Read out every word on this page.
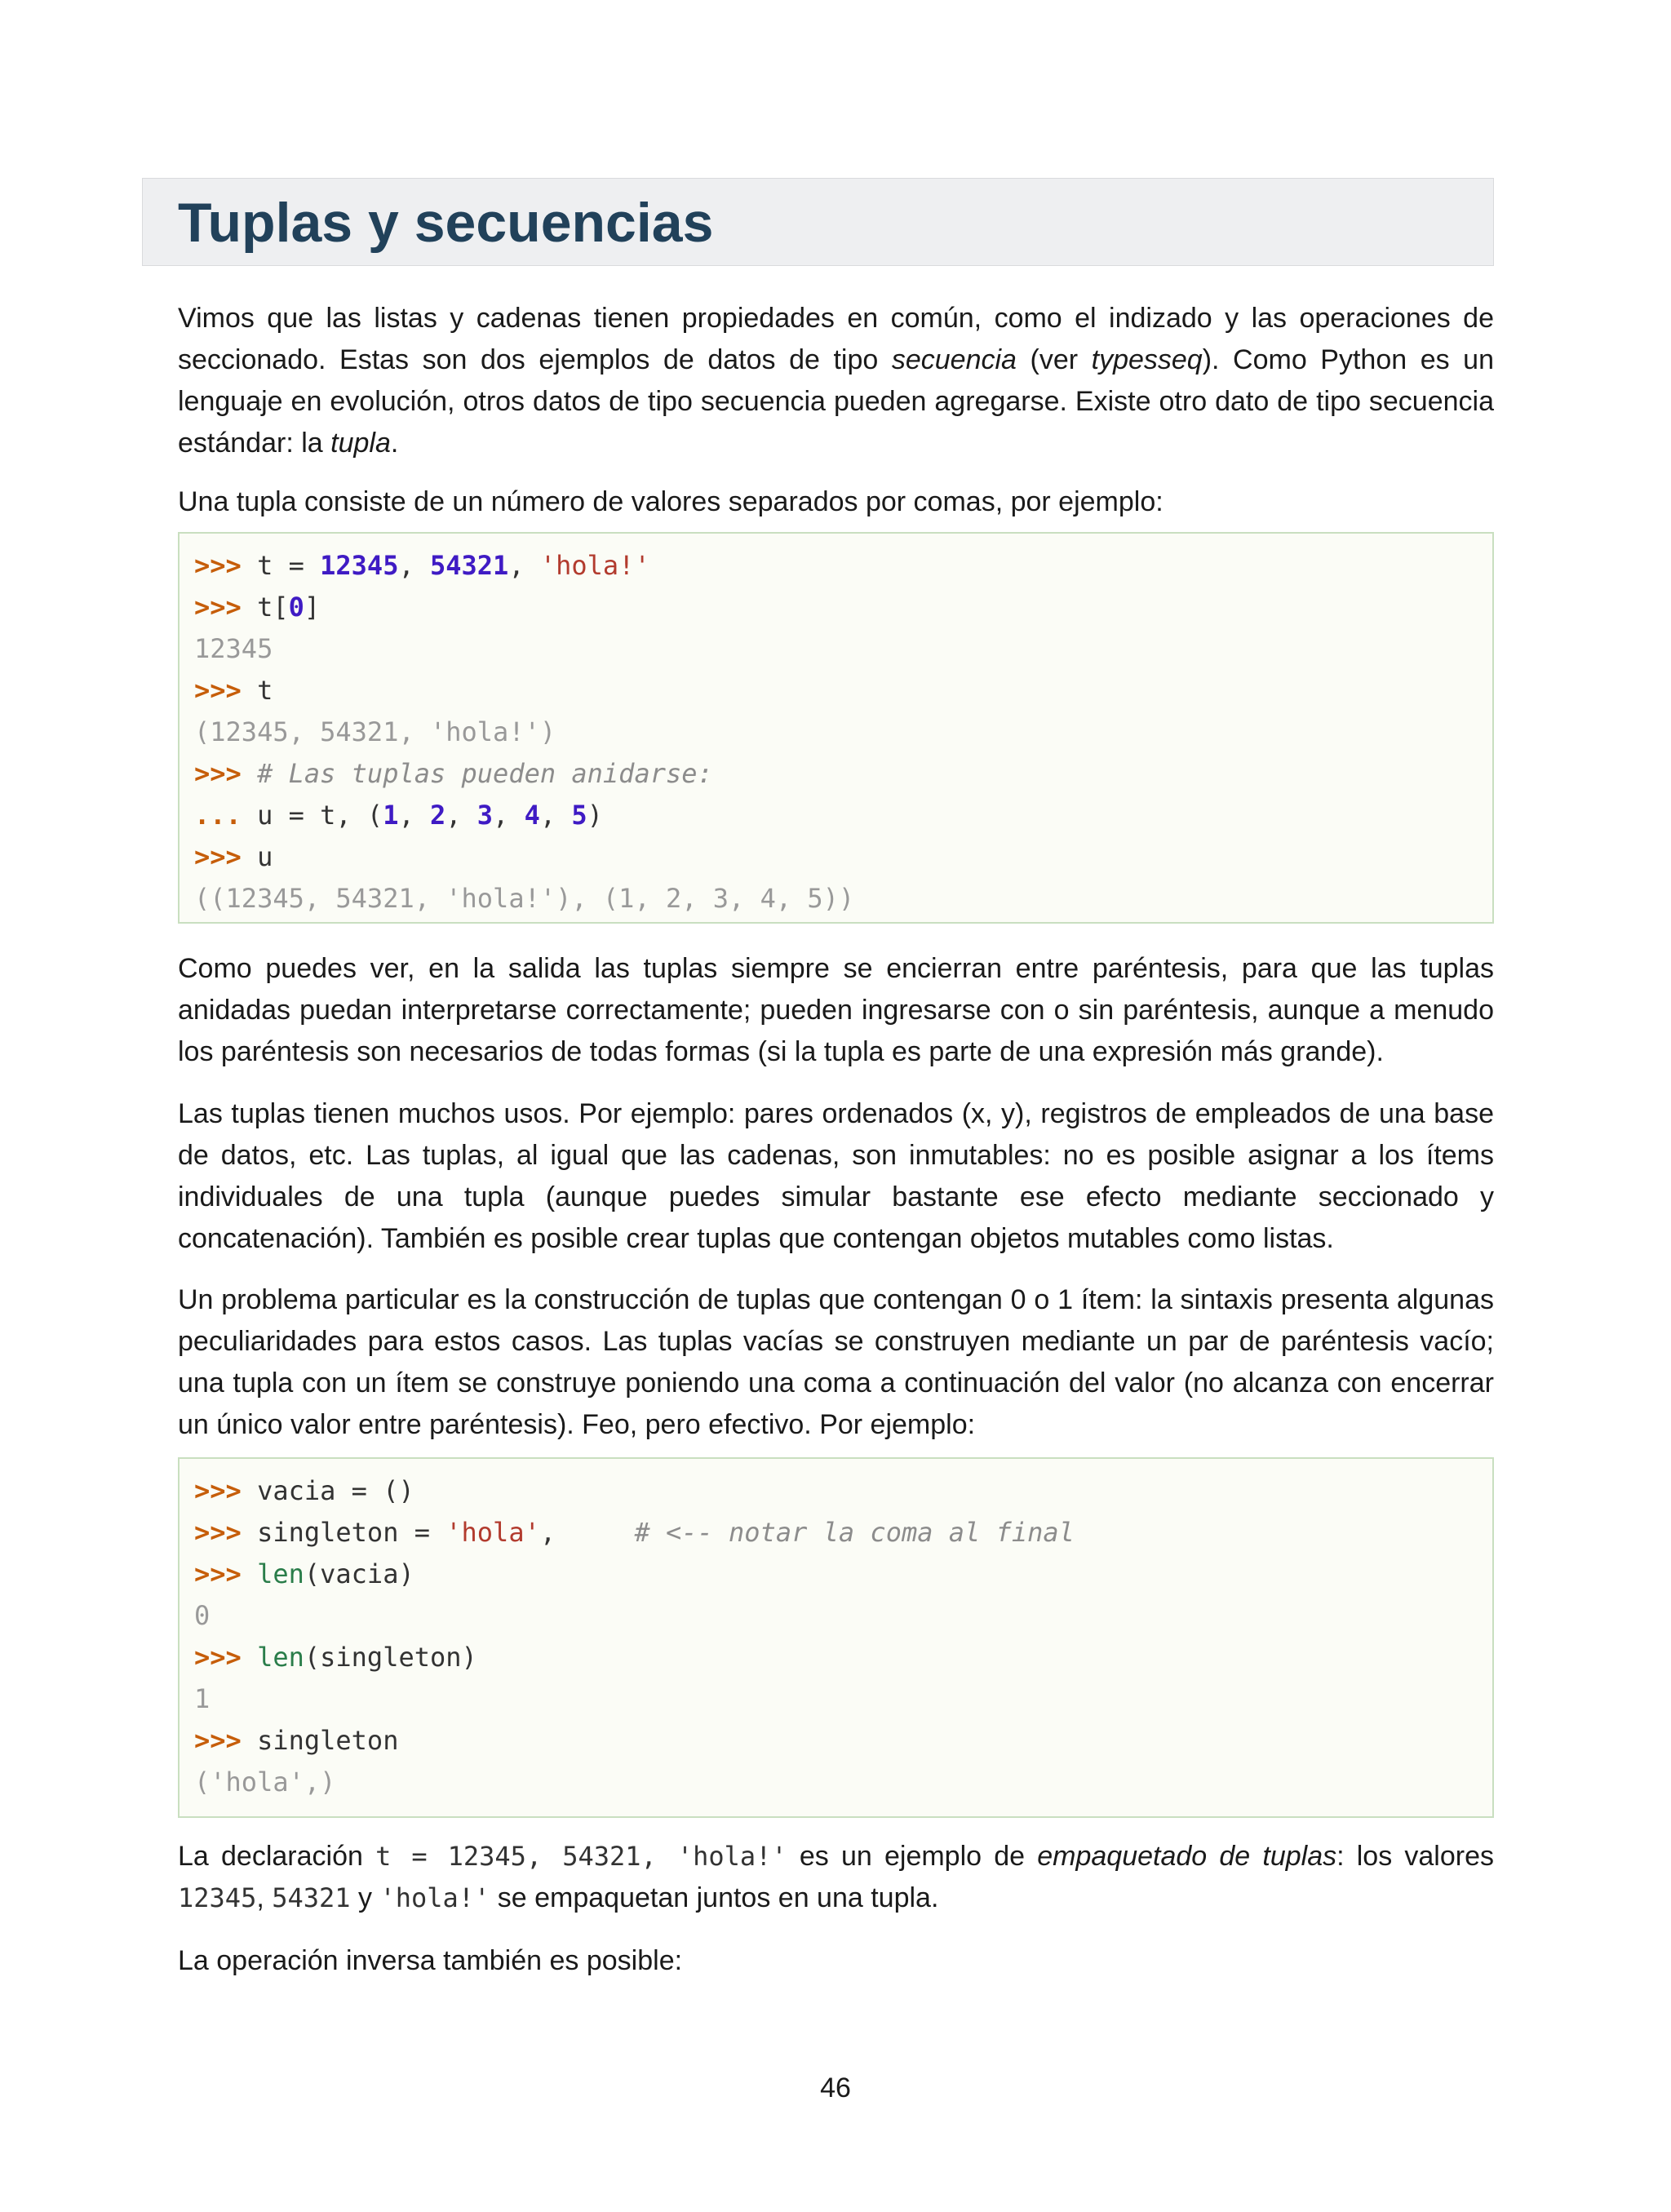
Tuplas y secuencias

Vimos que las listas y cadenas tienen propiedades en común, como el indizado y las operaciones de seccionado. Estas son dos ejemplos de datos de tipo secuencia (ver typesseq). Como Python es un lenguaje en evolución, otros datos de tipo secuencia pueden agregarse. Existe otro dato de tipo secuencia estándar: la tupla.

Una tupla consiste de un número de valores separados por comas, por ejemplo:

>>> t = 12345, 54321, 'hola!'
>>> t[0]
12345
>>> t
(12345, 54321, 'hola!')
>>> # Las tuplas pueden anidarse:
... u = t, (1, 2, 3, 4, 5)
>>> u
((12345, 54321, 'hola!'), (1, 2, 3, 4, 5))

Como puedes ver, en la salida las tuplas siempre se encierran entre paréntesis, para que las tuplas anidadas puedan interpretarse correctamente; pueden ingresarse con o sin paréntesis, aunque a menudo los paréntesis son necesarios de todas formas (si la tupla es parte de una expresión más grande).

Las tuplas tienen muchos usos. Por ejemplo: pares ordenados (x, y), registros de empleados de una base de datos, etc. Las tuplas, al igual que las cadenas, son inmutables: no es posible asignar a los ítems individuales de una tupla (aunque puedes simular bastante ese efecto mediante seccionado y concatenación). También es posible crear tuplas que contengan objetos mutables como listas.

Un problema particular es la construcción de tuplas que contengan 0 o 1 ítem: la sintaxis presenta algunas peculiaridades para estos casos. Las tuplas vacías se construyen mediante un par de paréntesis vacío; una tupla con un ítem se construye poniendo una coma a continuación del valor (no alcanza con encerrar un único valor entre paréntesis). Feo, pero efectivo. Por ejemplo:

>>> vacia = ()
>>> singleton = 'hola',     # <-- notar la coma al final
>>> len(vacia)
0
>>> len(singleton)
1
>>> singleton
('hola',)

La declaración t = 12345, 54321, 'hola!' es un ejemplo de empaquetado de tuplas: los valores 12345, 54321 y 'hola!' se empaquetan juntos en una tupla.

La operación inversa también es posible:

46
